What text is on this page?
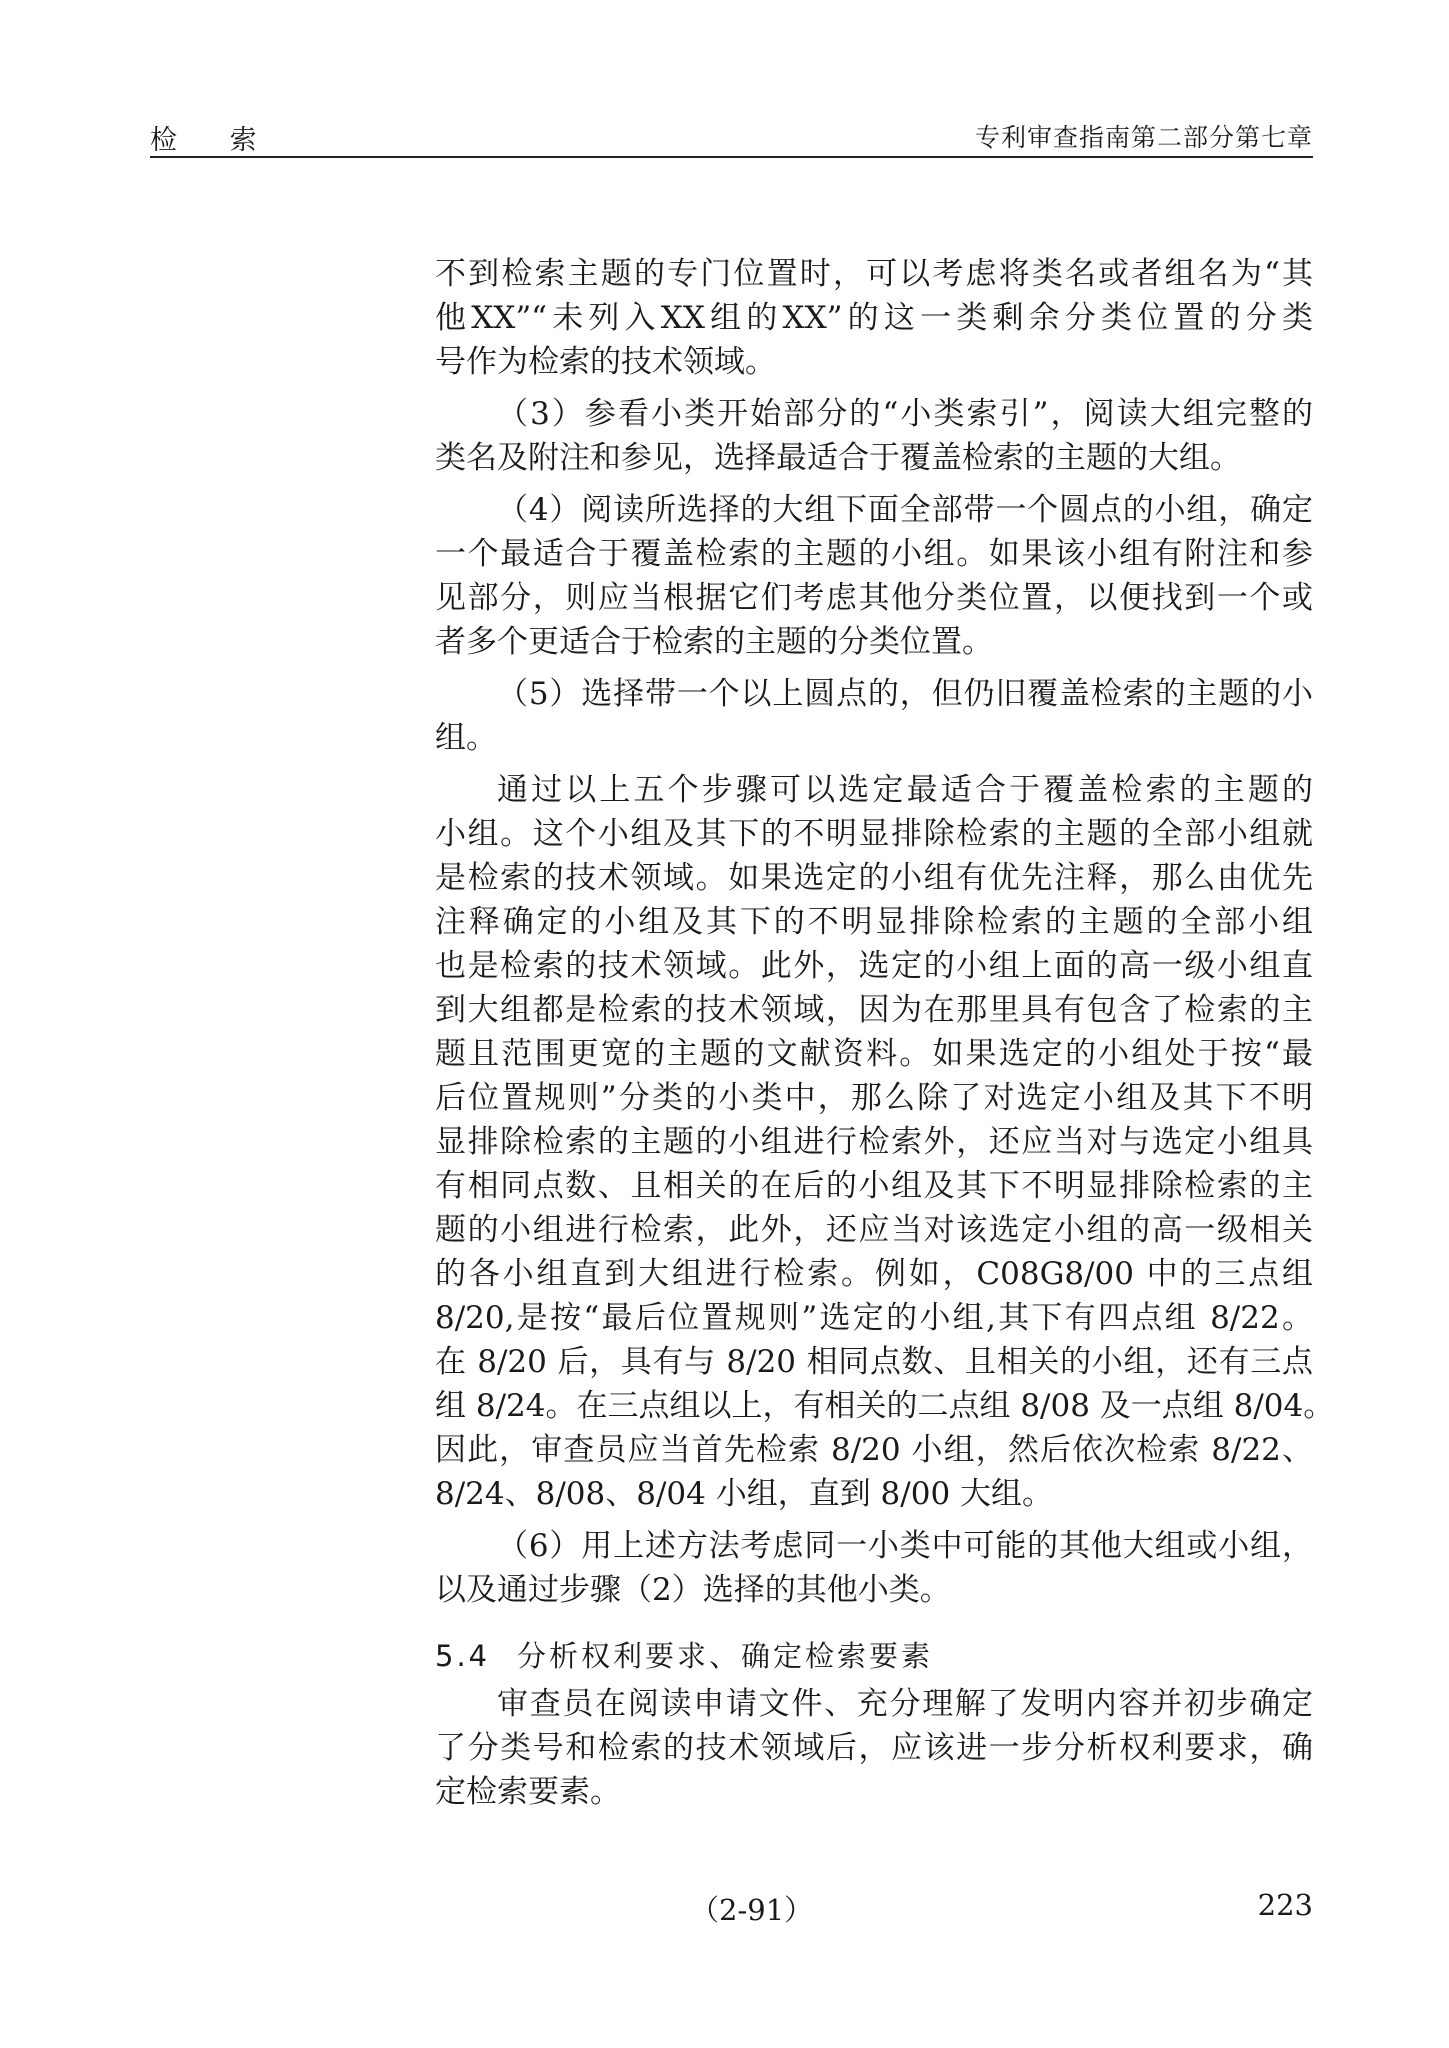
检 索	专利审查指南第二部分第七章
不到检索主题的专门位置时，可以考虑将类名或者组名为“其
他XX”“未列入XX组的XX”的这一类剩余分类位置的分类
号作为检索的技术领域。
（3）参看小类开始部分的“小类索引”，阅读大组完整的
类名及附注和参见，选择最适合于覆盖检索的主题的大组。
（4）阅读所选择的大组下面全部带一个圆点的小组，确定
一个最适合于覆盖检索的主题的小组。如果该小组有附注和参
见部分，则应当根据它们考虑其他分类位置，以便找到一个或
者多个更适合于检索的主题的分类位置。
（5）选择带一个以上圆点的，但仍旧覆盖检索的主题的小
组。
通过以上五个步骤可以选定最适合于覆盖检索的主题的
小组。这个小组及其下的不明显排除检索的主题的全部小组就
是检索的技术领域。如果选定的小组有优先注释，那么由优先
注释确定的小组及其下的不明显排除检索的主题的全部小组
也是检索的技术领域。此外，选定的小组上面的高一级小组直
到大组都是检索的技术领域，因为在那里具有包含了检索的主
题且范围更宽的主题的文献资料。如果选定的小组处于按“最
后位置规则”分类的小类中，那么除了对选定小组及其下不明
显排除检索的主题的小组进行检索外，还应当对与选定小组具
有相同点数、且相关的在后的小组及其下不明显排除检索的主
题的小组进行检索，此外，还应当对该选定小组的高一级相关
的各小组直到大组进行检索。例如，C08G8/00 中的三点组
8/20,是按“最后位置规则”选定的小组,其下有四点组 8/22。
在 8/20 后，具有与 8/20 相同点数、且相关的小组，还有三点
组 8/24。在三点组以上，有相关的二点组 8/08 及一点组 8/04。
因此，审查员应当首先检索 8/20 小组，然后依次检索 8/22、
8/24、8/08、8/04 小组，直到 8/00 大组。
（6）用上述方法考虑同一小类中可能的其他大组或小组，
以及通过步骤（2）选择的其他小类。
5.4 分析权利要求、确定检索要素
审查员在阅读申请文件、充分理解了发明内容并初步确定
了分类号和检索的技术领域后，应该进一步分析权利要求，确
定检索要素。
（2-91）	223
